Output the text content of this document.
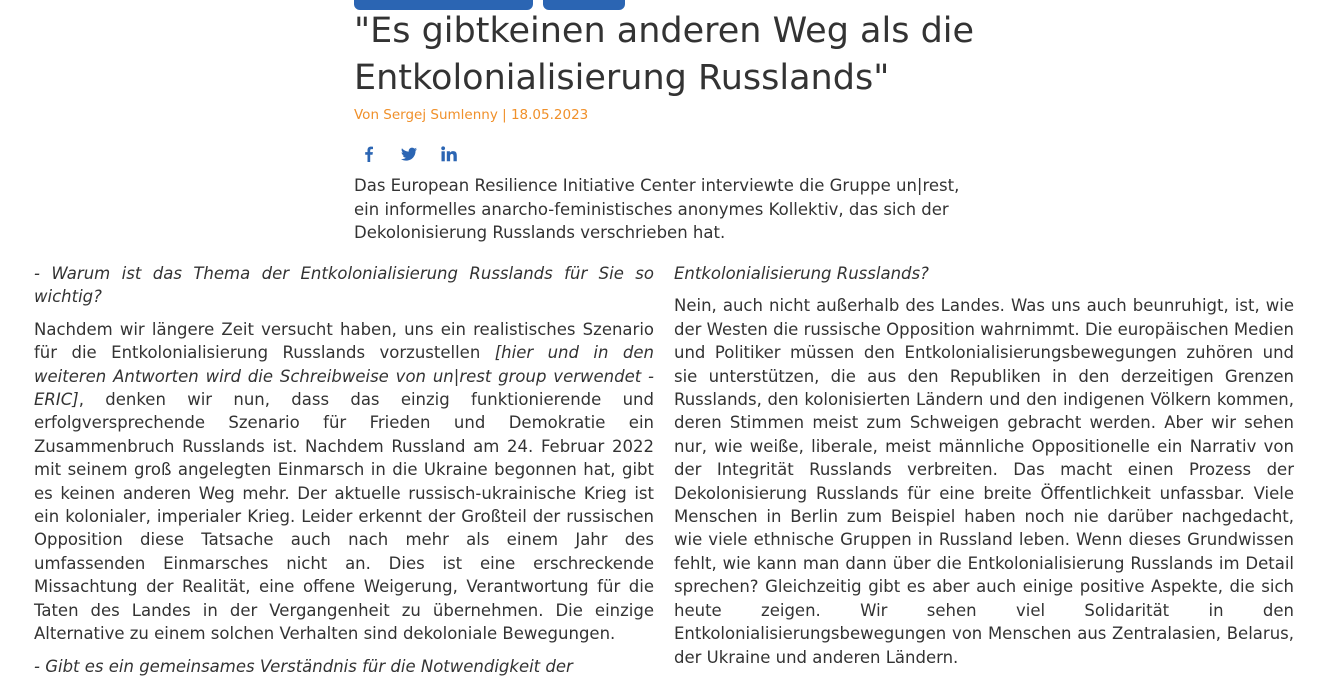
"Es gibtkeinen anderen Weg als die Entkolonialisierung Russlands"
Von Sergej Sumlenny | 18.05.2023
Das European Resilience Initiative Center interviewte die Gruppe un|rest, ein informelles anarcho-feministisches anonymes Kollektiv, das sich der Dekolonisierung Russlands verschrieben hat.

- Warum ist das Thema der Entkolonialisierung Russlands für Sie so wichtig?

Nachdem wir längere Zeit versucht haben, uns ein realistisches Szenario für die Entkolonialisierung Russlands vorzustellen [hier und in den weiteren Antworten wird die Schreibweise von un|rest group verwendet - ERIC], denken wir nun, dass das einzig funktionierende und erfolgversprechende Szenario für Frieden und Demokratie ein Zusammenbruch Russlands ist. Nachdem Russland am 24. Februar 2022 mit seinem groß angelegten Einmarsch in die Ukraine begonnen hat, gibt es keinen anderen Weg mehr. Der aktuelle russisch-ukrainische Krieg ist ein kolonialer, imperialer Krieg. Leider erkennt der Großteil der russischen Opposition diese Tatsache auch nach mehr als einem Jahr des umfassenden Einmarsches nicht an. Dies ist eine erschreckende Missachtung der Realität, eine offene Weigerung, Verantwortung für die Taten des Landes in der Vergangenheit zu übernehmen. Die einzige Alternative zu einem solchen Verhalten sind dekoloniale Bewegungen.

- Gibt es ein gemeinsames Verständnis für die Notwendigkeit der

Entkolonialisierung Russlands?

Nein, auch nicht außerhalb des Landes. Was uns auch beunruhigt, ist, wie der Westen die russische Opposition wahrnimmt. Die europäischen Medien und Politiker müssen den Entkolonialisierungsbewegungen zuhören und sie unterstützen, die aus den Republiken in den derzeitigen Grenzen Russlands, den kolonisierten Ländern und den indigenen Völkern kommen, deren Stimmen meist zum Schweigen gebracht werden. Aber wir sehen nur, wie weiße, liberale, meist männliche Oppositionelle ein Narrativ von der Integrität Russlands verbreiten. Das macht einen Prozess der Dekolonisierung Russlands für eine breite Öffentlichkeit unfassbar. Viele Menschen in Berlin zum Beispiel haben noch nie darüber nachgedacht, wie viele ethnische Gruppen in Russland leben. Wenn dieses Grundwissen fehlt, wie kann man dann über die Entkolonialisierung Russlands im Detail sprechen? Gleichzeitig gibt es aber auch einige positive Aspekte, die sich heute zeigen. Wir sehen viel Solidarität in den Entkolonialisierungsbewegungen von Menschen aus Zentralasien, Belarus, der Ukraine und anderen Ländern.
